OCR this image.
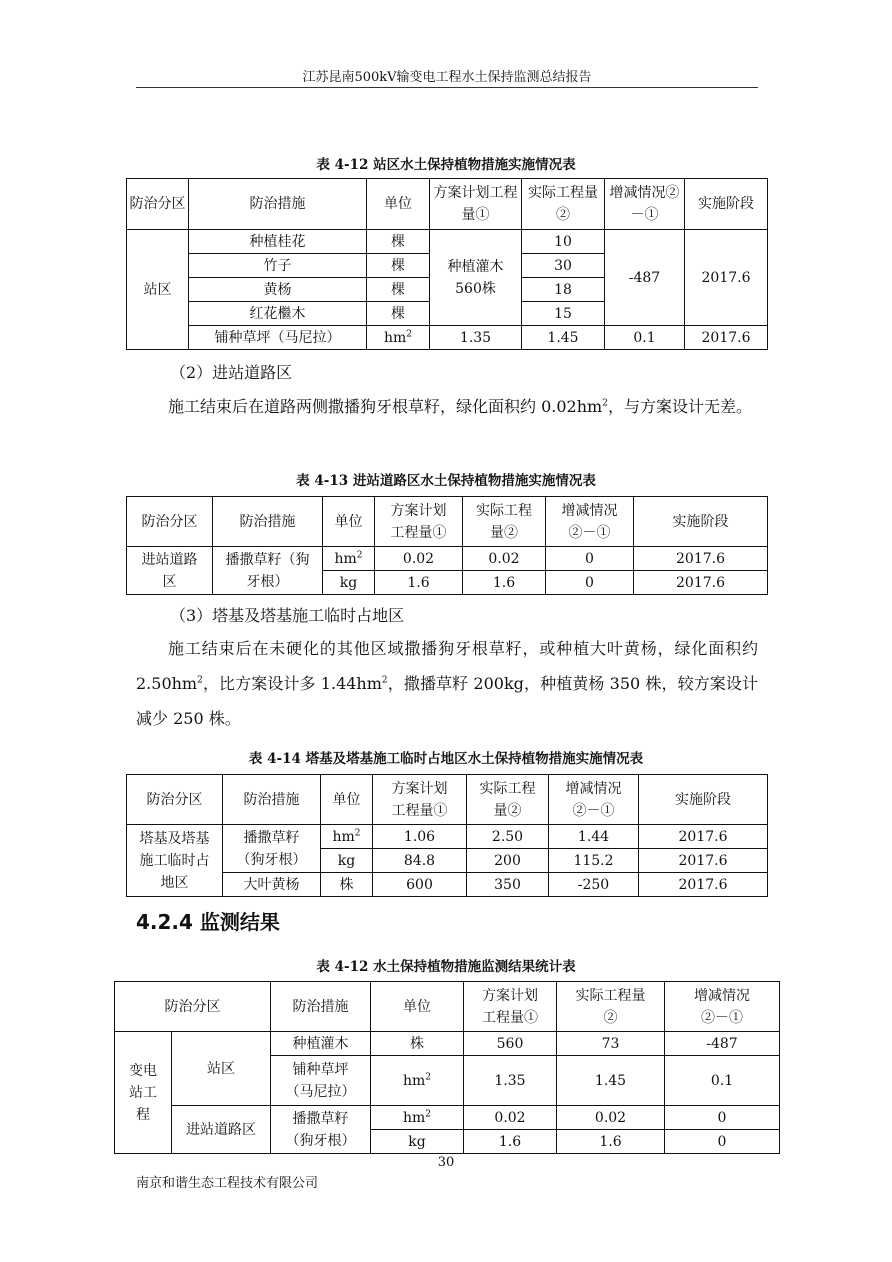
江苏昆南500kV输变电工程水土保持监测总结报告
表 4-12 站区水土保持植物措施实施情况表
防治分区	防治措施	单位	方案计划工程量①	实际工程量②	增减情况②－①	实施阶段
站区	种植桂花	棵	种植灌木560株	10	-487	2017.6
	竹子	棵		30		
	黄杨	棵		18		
	红花檵木	棵		15		
	铺种草坪（马尼拉）	$hm^2$	1.35	1.45	0.1	2017.6
（2）进站道路区
施工结束后在道路两侧撒播狗牙根草籽，绿化面积约 $0.02hm^2$，与方案设计无差。
表 4-13 进站道路区水土保持植物措施实施情况表
防治分区	防治措施	单位	方案计划工程量①	实际工程量②	增减情况②－①	实施阶段
进站道路区	播撒草籽（狗牙根）	$hm^2$	0.02	0.02	0	2017.6
		kg	1.6	1.6	0	2017.6
（3）塔基及塔基施工临时占地区
施工结束后在未硬化的其他区域撒播狗牙根草籽，或种植大叶黄杨，绿化面积约 $2.50hm^2$，比方案设计多 $1.44hm^2$，撒播草籽 200kg，种植黄杨 350 株，较方案设计减少 250 株。
表 4-14 塔基及塔基施工临时占地区水土保持植物措施实施情况表
防治分区	防治措施	单位	方案计划工程量①	实际工程量②	增减情况②－①	实施阶段
塔基及塔基施工临时占地区	播撒草籽（狗牙根）	$hm^2$	1.06	2.50	1.44	2017.6
		kg	84.8	200	115.2	2017.6
	大叶黄杨	株	600	350	-250	2017.6
4.2.4 监测结果
表 4-12 水土保持植物措施监测结果统计表
防治分区		防治措施	单位	方案计划工程量①	实际工程量②	增减情况②－①
变电站工程	站区	种植灌木	株	560	73	-487
		铺种草坪（马尼拉）	$hm^2$	1.35	1.45	0.1
	进站道路区	播撒草籽（狗牙根）	$hm^2$	0.02	0.02	0
			kg	1.6	1.6	0
30
南京和谐生态工程技术有限公司
